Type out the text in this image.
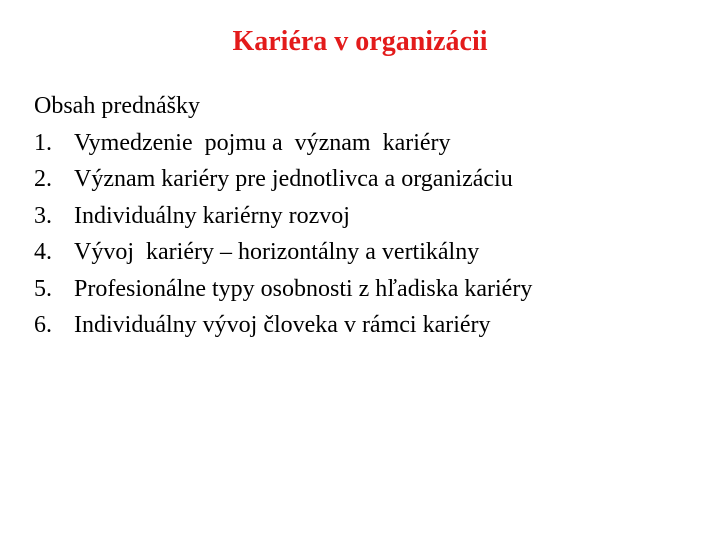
Kariéra v organizácii
Obsah prednášky
1. Vymedzenie  pojmu a  význam  kariéry
2. Význam kariéry pre jednotlivca a organizáciu
3. Individuálny kariérny rozvoj
4. Vývoj  kariéry – horizontálny a vertikálny
5. Profesionálne typy osobnosti z hľadiska kariéry
6. Individuálny vývoj človeka v rámci kariéry
